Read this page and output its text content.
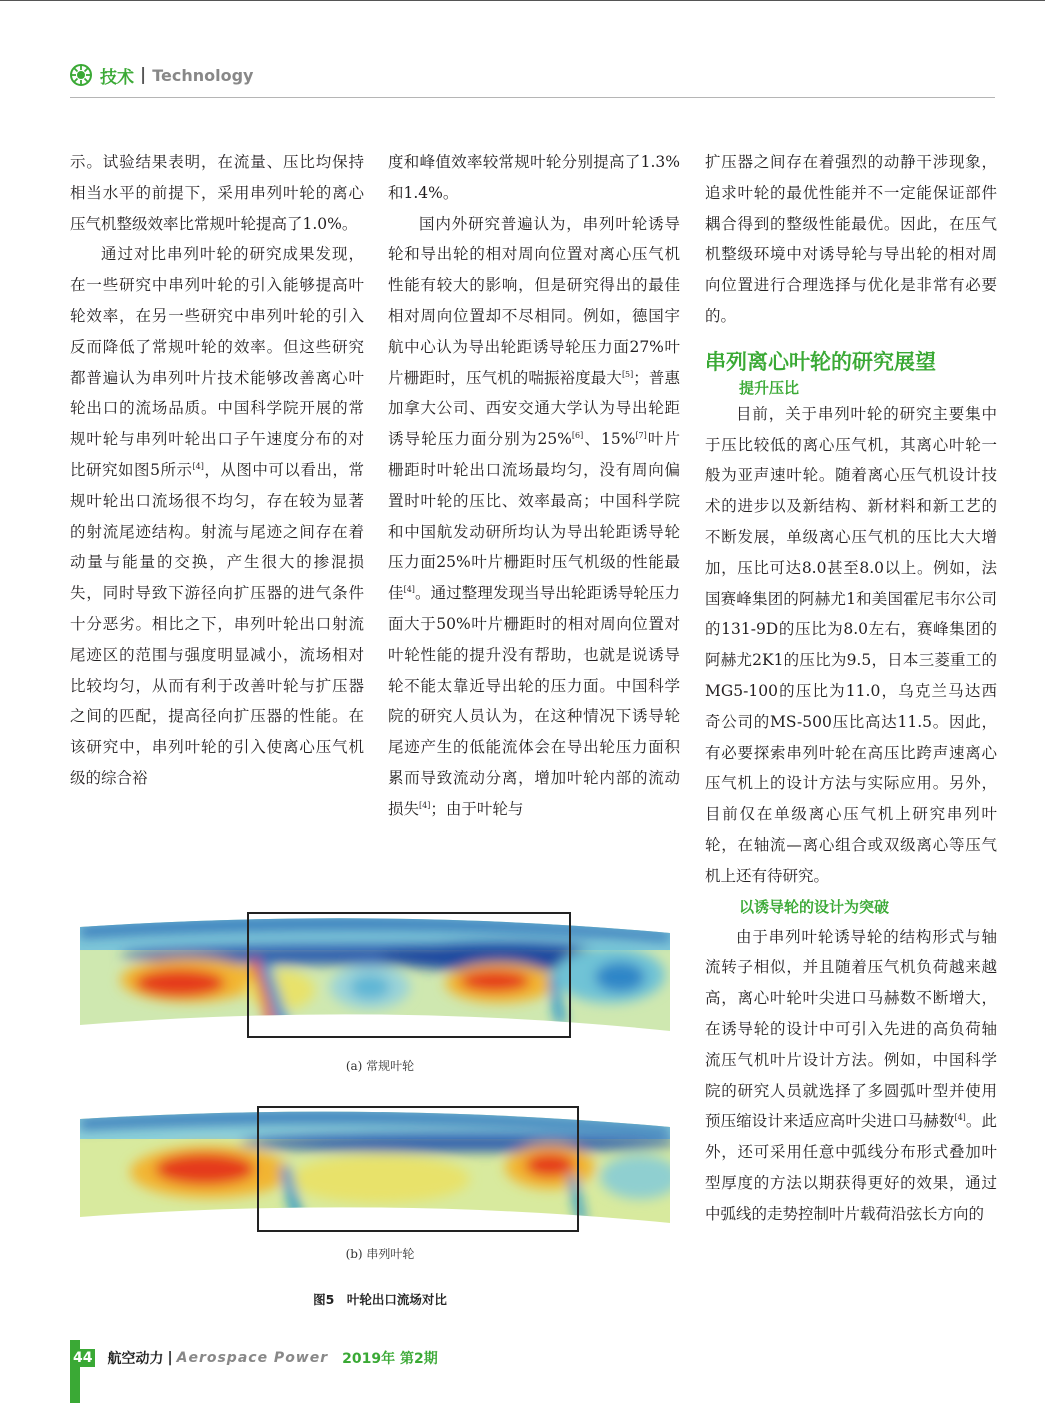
技术 | Technology

示。试验结果表明，在流量、压比均保持相当水平的前提下，采用串列叶轮的离心压气机整级效率比常规叶轮提高了1.0%。

通过对比串列叶轮的研究成果发现，在一些研究中串列叶轮的引入能够提高叶轮效率，在另一些研究中串列叶轮的引入反而降低了常规叶轮的效率。但这些研究都普遍认为串列叶片技术能够改善离心叶轮出口的流场品质。中国科学院开展的常规叶轮与串列叶轮出口子午速度分布的对比研究如图5所示[4]，从图中可以看出，常规叶轮出口流场很不均匀，存在较为显著的射流尾迹结构。射流与尾迹之间存在着动量与能量的交换，产生很大的掺混损失，同时导致下游径向扩压器的进气条件十分恶劣。相比之下，串列叶轮出口射流尾迹区的范围与强度明显减小，流场相对比较均匀，从而有利于改善叶轮与扩压器之间的匹配，提高径向扩压器的性能。在该研究中，串列叶轮的引入使离心压气机级的综合裕

度和峰值效率较常规叶轮分别提高了1.3%和1.4%。

国内外研究普遍认为，串列叶轮诱导轮和导出轮的相对周向位置对离心压气机性能有较大的影响，但是研究得出的最佳相对周向位置却不尽相同。例如，德国宇航中心认为导出轮距诱导轮压力面27%叶片栅距时，压气机的喘振裕度最大[5]；普惠加拿大公司、西安交通大学认为导出轮距诱导轮压力面分别为25%[6]、15%[7]叶片栅距时叶轮出口流场最均匀，没有周向偏置时叶轮的压比、效率最高；中国科学院和中国航发动研所均认为导出轮距诱导轮压力面25%叶片栅距时压气机级的性能最佳[4]。通过整理发现当导出轮距诱导轮压力面大于50%叶片栅距时的相对周向位置对叶轮性能的提升没有帮助，也就是说诱导轮不能太靠近导出轮的压力面。中国科学院的研究人员认为，在这种情况下诱导轮尾迹产生的低能流体会在导出轮压力面积累而导致流动分离，增加叶轮内部的流动损失[4]；由于叶轮与

扩压器之间存在着强烈的动静干涉现象，追求叶轮的最优性能并不一定能保证部件耦合得到的整级性能最优。因此，在压气机整级环境中对诱导轮与导出轮的相对周向位置进行合理选择与优化是非常有必要的。

串列离心叶轮的研究展望

提升压比

目前，关于串列叶轮的研究主要集中于压比较低的离心压气机，其离心叶轮一般为亚声速叶轮。随着离心压气机设计技术的进步以及新结构、新材料和新工艺的不断发展，单级离心压气机的压比大大增加，压比可达8.0甚至8.0以上。例如，法国赛峰集团的阿赫尤1和美国霍尼韦尔公司的131-9D的压比为8.0左右，赛峰集团的阿赫尤2K1的压比为9.5，日本三菱重工的MG5-100的压比为11.0，乌克兰马达西奇公司的MS-500压比高达11.5。因此，有必要探索串列叶轮在高压比跨声速离心压气机上的设计方法与实际应用。另外，目前仅在单级离心压气机上研究串列叶轮，在轴流—离心组合或双级离心等压气机上还有待研究。

以诱导轮的设计为突破

由于串列叶轮诱导轮的结构形式与轴流转子相似，并且随着压气机负荷越来越高，离心叶轮叶尖进口马赫数不断增大，在诱导轮的设计中可引入先进的高负荷轴流压气机叶片设计方法。例如，中国科学院的研究人员就选择了多圆弧叶型并使用预压缩设计来适应高叶尖进口马赫数[4]。此外，还可采用任意中弧线分布形式叠加叶型厚度的方法以期获得更好的效果，通过中弧线的走势控制叶片载荷沿弦长方向的

(a) 常规叶轮
(b) 串列叶轮
图5　叶轮出口流场对比
44 航空动力 | Aerospace Power 2019年 第2期
